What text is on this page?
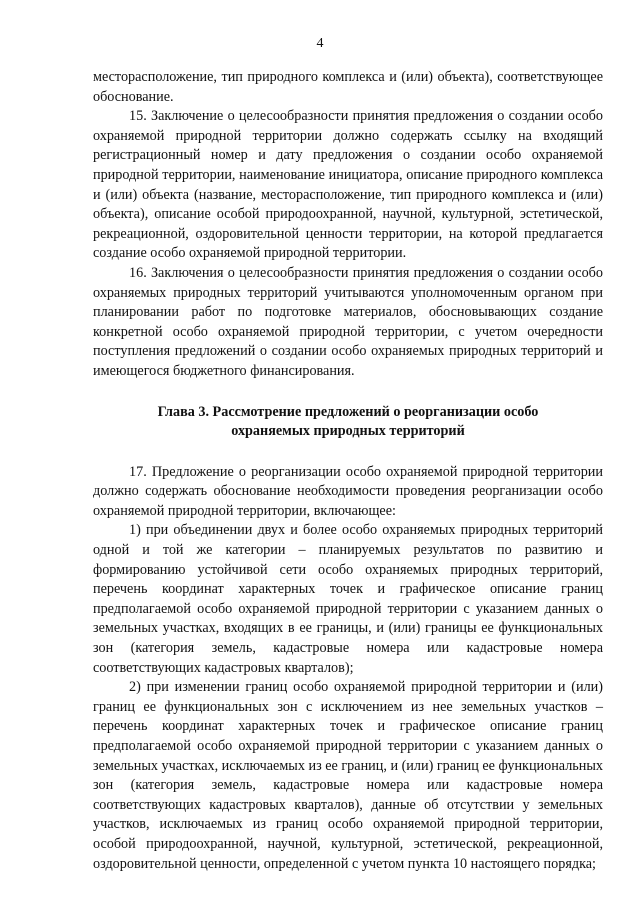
4

месторасположение, тип природного комплекса и (или) объекта), соответствующее обоснование.

15. Заключение о целесообразности принятия предложения о создании особо охраняемой природной территории должно содержать ссылку на входящий регистрационный номер и дату предложения о создании особо охраняемой природной территории, наименование инициатора, описание природного комплекса и (или) объекта (название, месторасположение, тип природного комплекса и (или) объекта), описание особой природоохранной, научной, культурной, эстетической, рекреационной, оздоровительной ценности территории, на которой предлагается создание особо охраняемой природной территории.

16. Заключения о целесообразности принятия предложения о создании особо охраняемых природных территорий учитываются уполномоченным органом при планировании работ по подготовке материалов, обосновывающих создание конкретной особо охраняемой природной территории, с учетом очередности поступления предложений о создании особо охраняемых природных территорий и имеющегося бюджетного финансирования.

Глава 3. Рассмотрение предложений о реорганизации особо
охраняемых природных территорий

17. Предложение о реорганизации особо охраняемой природной территории должно содержать обоснование необходимости проведения реорганизации особо охраняемой природной территории, включающее:

1) при объединении двух и более особо охраняемых природных территорий одной и той же категории – планируемых результатов по развитию и формированию устойчивой сети особо охраняемых природных территорий, перечень координат характерных точек и графическое описание границ предполагаемой особо охраняемой природной территории с указанием данных о земельных участках, входящих в ее границы, и (или) границы ее функциональных зон (категория земель, кадастровые номера или кадастровые номера соответствующих кадастровых кварталов);

2) при изменении границ особо охраняемой природной территории и (или) границ ее функциональных зон с исключением из нее земельных участков – перечень координат характерных точек и графическое описание границ предполагаемой особо охраняемой природной территории с указанием данных о земельных участках, исключаемых из ее границ, и (или) границ ее функциональных зон (категория земель, кадастровые номера или кадастровые номера соответствующих кадастровых кварталов), данные об отсутствии у земельных участков, исключаемых из границ особо охраняемой природной территории, особой природоохранной, научной, культурной, эстетической, рекреационной, оздоровительной ценности, определенной с учетом пункта 10 настоящего порядка;
